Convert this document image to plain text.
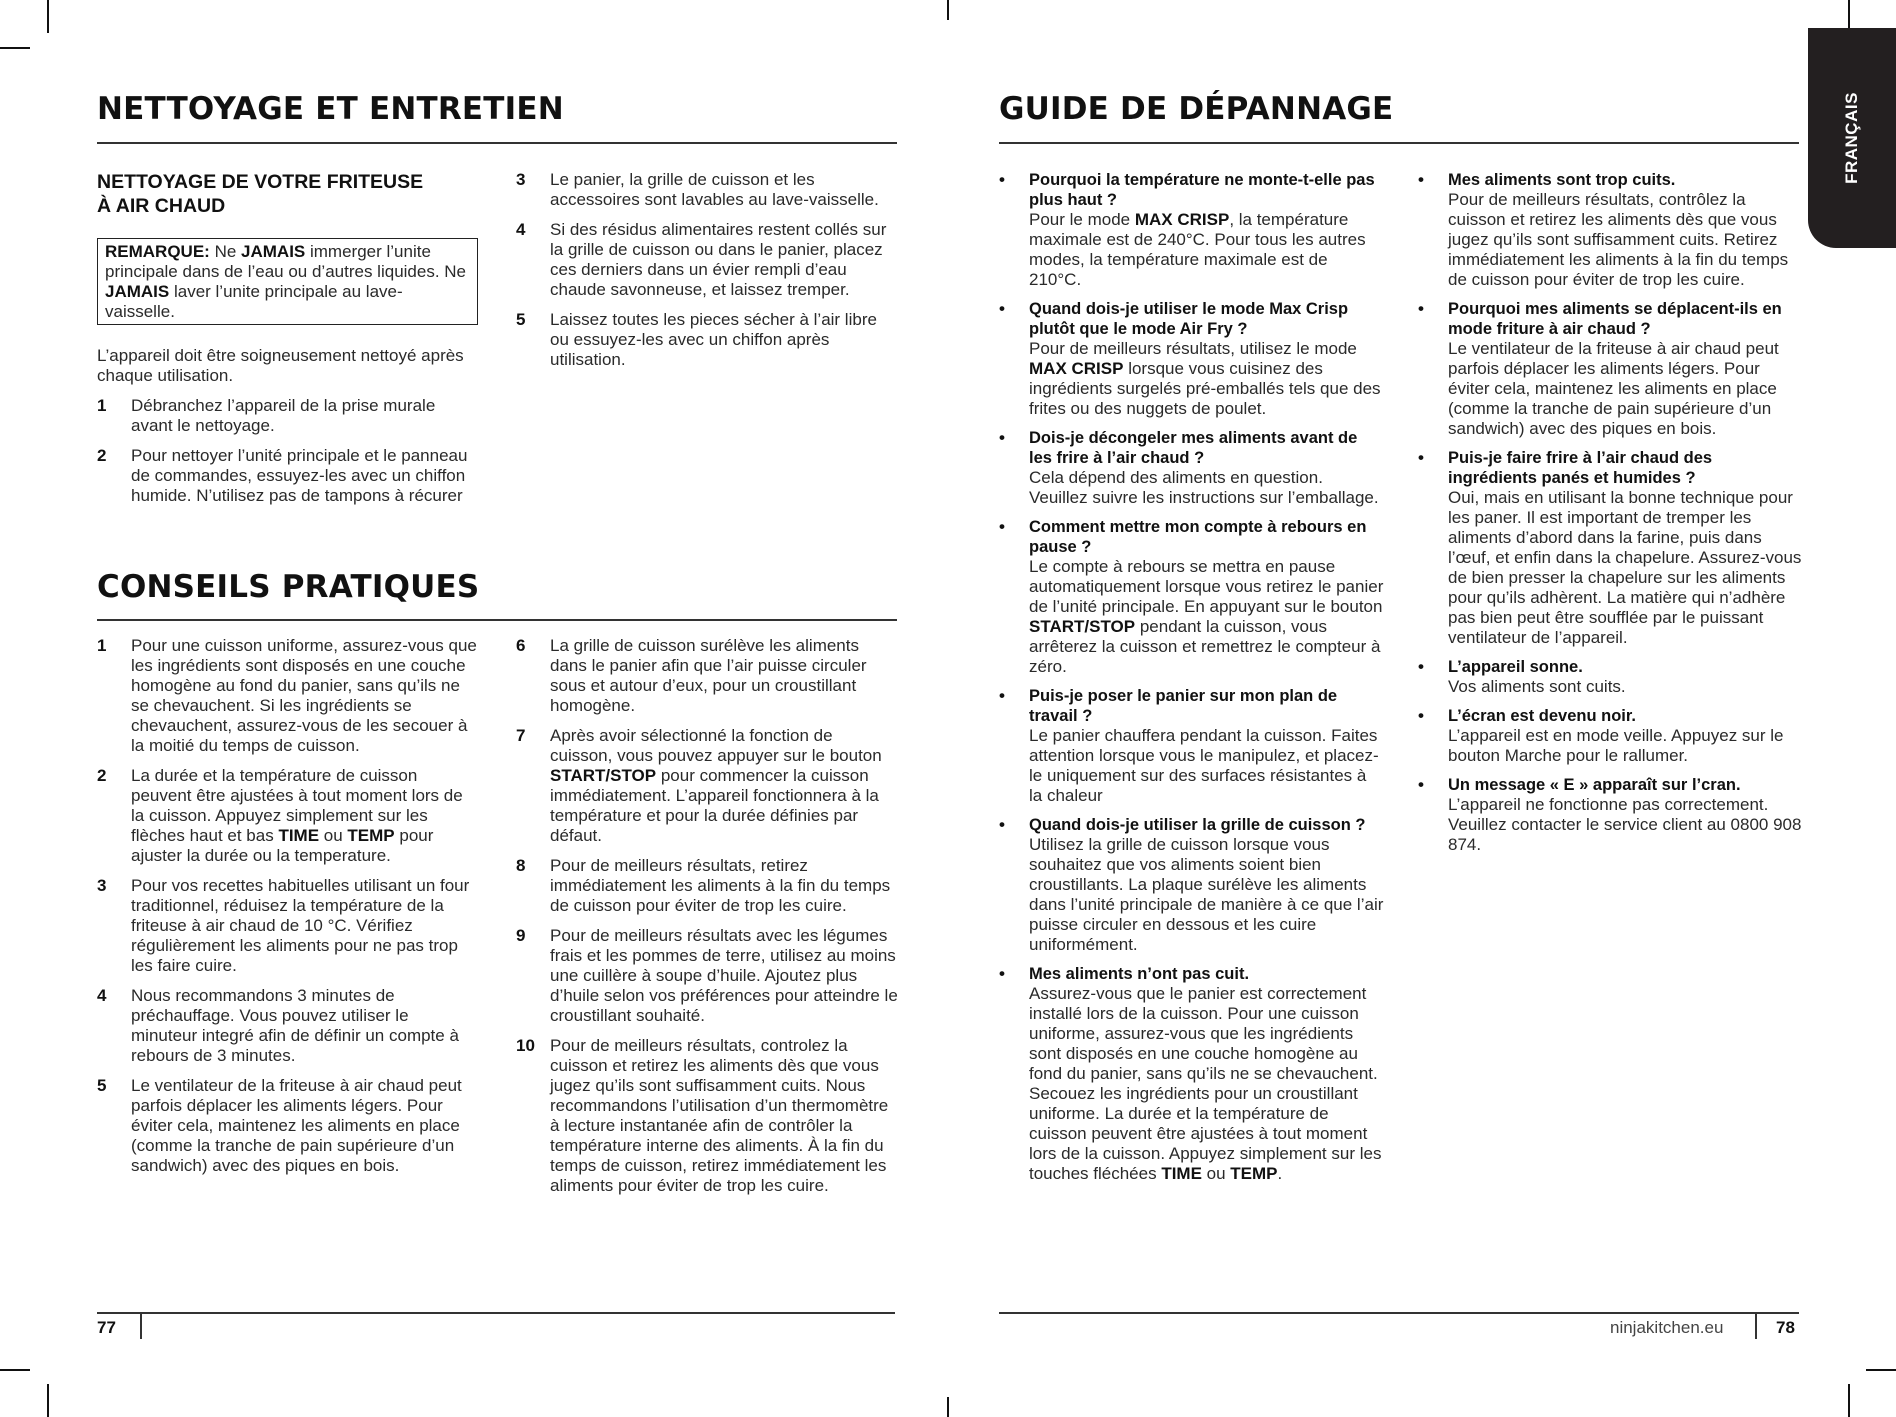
NETTOYAGE ET ENTRETIEN
NETTOYAGE DE VOTRE FRITEUSE
À AIR CHAUD
REMARQUE: Ne JAMAIS immerger l’unite principale dans de l’eau ou d’autres liquides. Ne JAMAIS laver l’unite principale au lave-vaisselle.
L’appareil doit être soigneusement nettoyé après chaque utilisation.
1 Débranchez l’appareil de la prise murale avant le nettoyage.
2 Pour nettoyer l’unité principale et le panneau de commandes, essuyez-les avec un chiffon humide. N’utilisez pas de tampons à récurer
3 Le panier, la grille de cuisson et les accessoires sont lavables au lave-vaisselle.
4 Si des résidus alimentaires restent collés sur la grille de cuisson ou dans le panier, placez ces derniers dans un évier rempli d’eau chaude savonneuse, et laissez tremper.
5 Laissez toutes les pieces sécher à l’air libre ou essuyez-les avec un chiffon après utilisation.
CONSEILS PRATIQUES
1 Pour une cuisson uniforme, assurez-vous que les ingrédients sont disposés en une couche homogène au fond du panier, sans qu’ils ne se chevauchent. Si les ingrédients se chevauchent, assurez-vous de les secouer à la moitié du temps de cuisson.
2 La durée et la température de cuisson peuvent être ajustées à tout moment lors de la cuisson. Appuyez simplement sur les flèches haut et bas TIME ou TEMP pour ajuster la durée ou la temperature.
3 Pour vos recettes habituelles utilisant un four traditionnel, réduisez la température de la friteuse à air chaud de 10 °C. Vérifiez régulièrement les aliments pour ne pas trop les faire cuire.
4 Nous recommandons 3 minutes de préchauffage. Vous pouvez utiliser le minuteur integré afin de définir un compte à rebours de 3 minutes.
5 Le ventilateur de la friteuse à air chaud peut parfois déplacer les aliments légers. Pour éviter cela, maintenez les aliments en place (comme la tranche de pain supérieure d’un sandwich) avec des piques en bois.
6 La grille de cuisson surélève les aliments dans le panier afin que l’air puisse circuler sous et autour d’eux, pour un croustillant homogène.
7 Après avoir sélectionné la fonction de cuisson, vous pouvez appuyer sur le bouton START/STOP pour commencer la cuisson immédiatement. L’appareil fonctionnera à la température et pour la durée définies par défaut.
8 Pour de meilleurs résultats, retirez immédiatement les aliments à la fin du temps de cuisson pour éviter de trop les cuire.
9 Pour de meilleurs résultats avec les légumes frais et les pommes de terre, utilisez au moins une cuillère à soupe d’huile. Ajoutez plus d’huile selon vos préférences pour atteindre le croustillant souhaité.
10 Pour de meilleurs résultats, controlez la cuisson et retirez les aliments dès que vous jugez qu’ils sont suffisamment cuits. Nous recommandons l’utilisation d’un thermomètre à lecture instantanée afin de contrôler la température interne des aliments. À la fin du temps de cuisson, retirez immédiatement les aliments pour éviter de trop les cuire.
77
FRANÇAIS
GUIDE DE DÉPANNAGE
• Pourquoi la température ne monte-t-elle pas plus haut ?
Pour le mode MAX CRISP, la température maximale est de 240°C. Pour tous les autres modes, la température maximale est de 210°C.
• Quand dois-je utiliser le mode Max Crisp plutôt que le mode Air Fry ?
Pour de meilleurs résultats, utilisez le mode MAX CRISP lorsque vous cuisinez des ingrédients surgelés pré-emballés tels que des frites ou des nuggets de poulet.
• Dois-je décongeler mes aliments avant de les frire à l’air chaud ?
Cela dépend des aliments en question. Veuillez suivre les instructions sur l’emballage.
• Comment mettre mon compte à rebours en pause ?
Le compte à rebours se mettra en pause automatiquement lorsque vous retirez le panier de l’unité principale. En appuyant sur le bouton START/STOP pendant la cuisson, vous arrêterez la cuisson et remettrez le compteur à zéro.
• Puis-je poser le panier sur mon plan de travail ?
Le panier chauffera pendant la cuisson. Faites attention lorsque vous le manipulez, et placez-le uniquement sur des surfaces résistantes à la chaleur
• Quand dois-je utiliser la grille de cuisson ?
Utilisez la grille de cuisson lorsque vous souhaitez que vos aliments soient bien croustillants. La plaque surélève les aliments dans l’unité principale de manière à ce que l’air puisse circuler en dessous et les cuire uniformément.
• Mes aliments n’ont pas cuit.
Assurez-vous que le panier est correctement installé lors de la cuisson. Pour une cuisson uniforme, assurez-vous que les ingrédients sont disposés en une couche homogène au fond du panier, sans qu’ils ne se chevauchent. Secouez les ingrédients pour un croustillant uniforme. La durée et la température de cuisson peuvent être ajustées à tout moment lors de la cuisson. Appuyez simplement sur les touches fléchées TIME ou TEMP.
• Mes aliments sont trop cuits.
Pour de meilleurs résultats, contrôlez la cuisson et retirez les aliments dès que vous jugez qu’ils sont suffisamment cuits. Retirez immédiatement les aliments à la fin du temps de cuisson pour éviter de trop les cuire.
• Pourquoi mes aliments se déplacent-ils en mode friture à air chaud ?
Le ventilateur de la friteuse à air chaud peut parfois déplacer les aliments légers. Pour éviter cela, maintenez les aliments en place (comme la tranche de pain supérieure d’un sandwich) avec des piques en bois.
• Puis-je faire frire à l’air chaud des ingrédients panés et humides ?
Oui, mais en utilisant la bonne technique pour les paner. Il est important de tremper les aliments d’abord dans la farine, puis dans l’œuf, et enfin dans la chapelure. Assurez-vous de bien presser la chapelure sur les aliments pour qu’ils adhèrent. La matière qui n’adhère pas bien peut être soufflée par le puissant ventilateur de l’appareil.
• L’appareil sonne.
Vos aliments sont cuits.
• L’écran est devenu noir.
L’appareil est en mode veille. Appuyez sur le bouton Marche pour le rallumer.
• Un message « E » apparaît sur l’cran.
L’appareil ne fonctionne pas correctement. Veuillez contacter le service client au 0800 908 874.
ninjakitchen.eu	78
